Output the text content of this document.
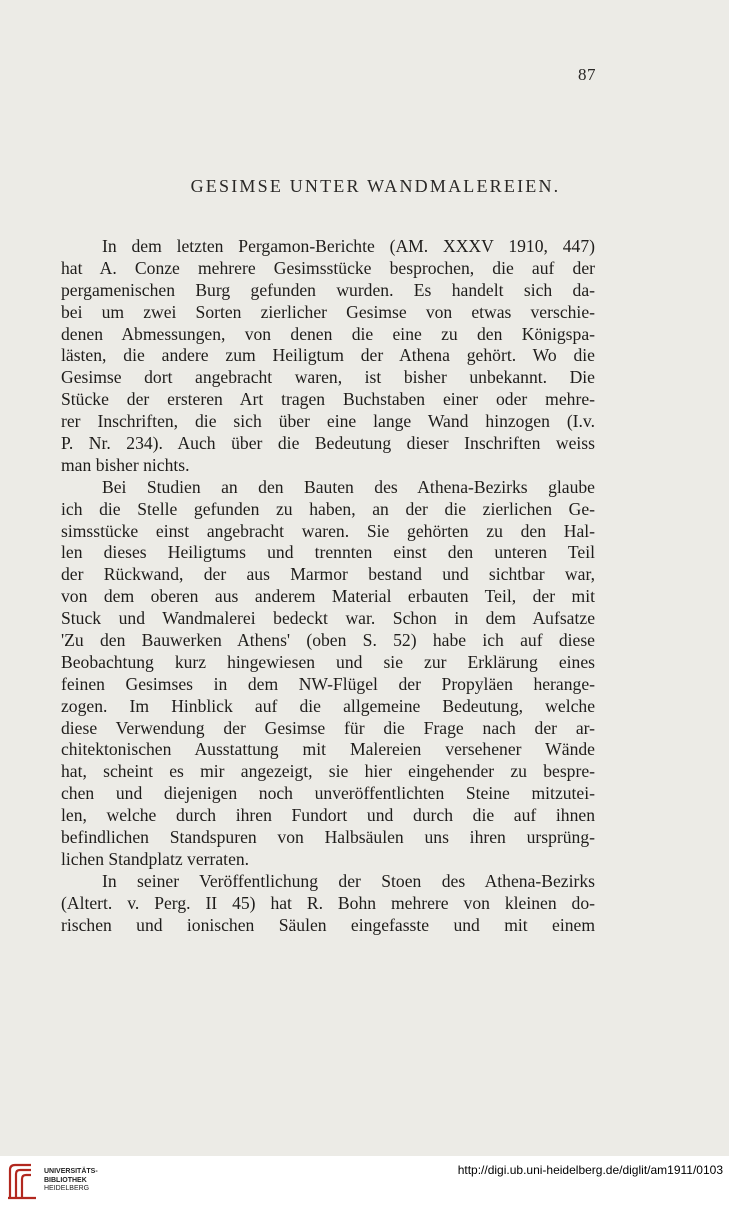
87
GESIMSE UNTER WANDMALEREIEN.
In dem letzten Pergamon-Berichte (AM. XXXV 1910, 447)
hat A. Conze mehrere Gesimsstücke besprochen, die auf der
pergamenischen Burg gefunden wurden. Es handelt sich da-
bei um zwei Sorten zierlicher Gesimse von etwas verschie-
denen Abmessungen, von denen die eine zu den Königspa-
lästen, die andere zum Heiligtum der Athena gehört. Wo die
Gesimse dort angebracht waren, ist bisher unbekannt. Die
Stücke der ersteren Art tragen Buchstaben einer oder mehre-
rer Inschriften, die sich über eine lange Wand hinzogen (I.v.
P. Nr. 234). Auch über die Bedeutung dieser Inschriften weiss
man bisher nichts.
Bei Studien an den Bauten des Athena-Bezirks glaube
ich die Stelle gefunden zu haben, an der die zierlichen Ge-
simsstücke einst angebracht waren. Sie gehörten zu den Hal-
len dieses Heiligtums und trennten einst den unteren Teil
der Rückwand, der aus Marmor bestand und sichtbar war,
von dem oberen aus anderem Material erbauten Teil, der mit
Stuck und Wandmalerei bedeckt war. Schon in dem Aufsatze
'Zu den Bauwerken Athens' (oben S. 52) habe ich auf diese
Beobachtung kurz hingewiesen und sie zur Erklärung eines
feinen Gesimses in dem NW-Flügel der Propyläen herange-
zogen. Im Hinblick auf die allgemeine Bedeutung, welche
diese Verwendung der Gesimse für die Frage nach der ar-
chitektonischen Ausstattung mit Malereien versehener Wände
hat, scheint es mir angezeigt, sie hier eingehender zu bespre-
chen und diejenigen noch unveröffentlichten Steine mitzutei-
len, welche durch ihren Fundort und durch die auf ihnen
befindlichen Standspuren von Halbsäulen uns ihren ursprüng-
lichen Standplatz verraten.
In seiner Veröffentlichung der Stoen des Athena-Bezirks
(Altert. v. Perg. II 45) hat R. Bohn mehrere von kleinen do-
rischen und ionischen Säulen eingefasste und mit einem
UNIVERSITÄTS-
BIBLIOTHEK
HEIDELBERG
http://digi.ub.uni-heidelberg.de/diglit/am1911/0103
